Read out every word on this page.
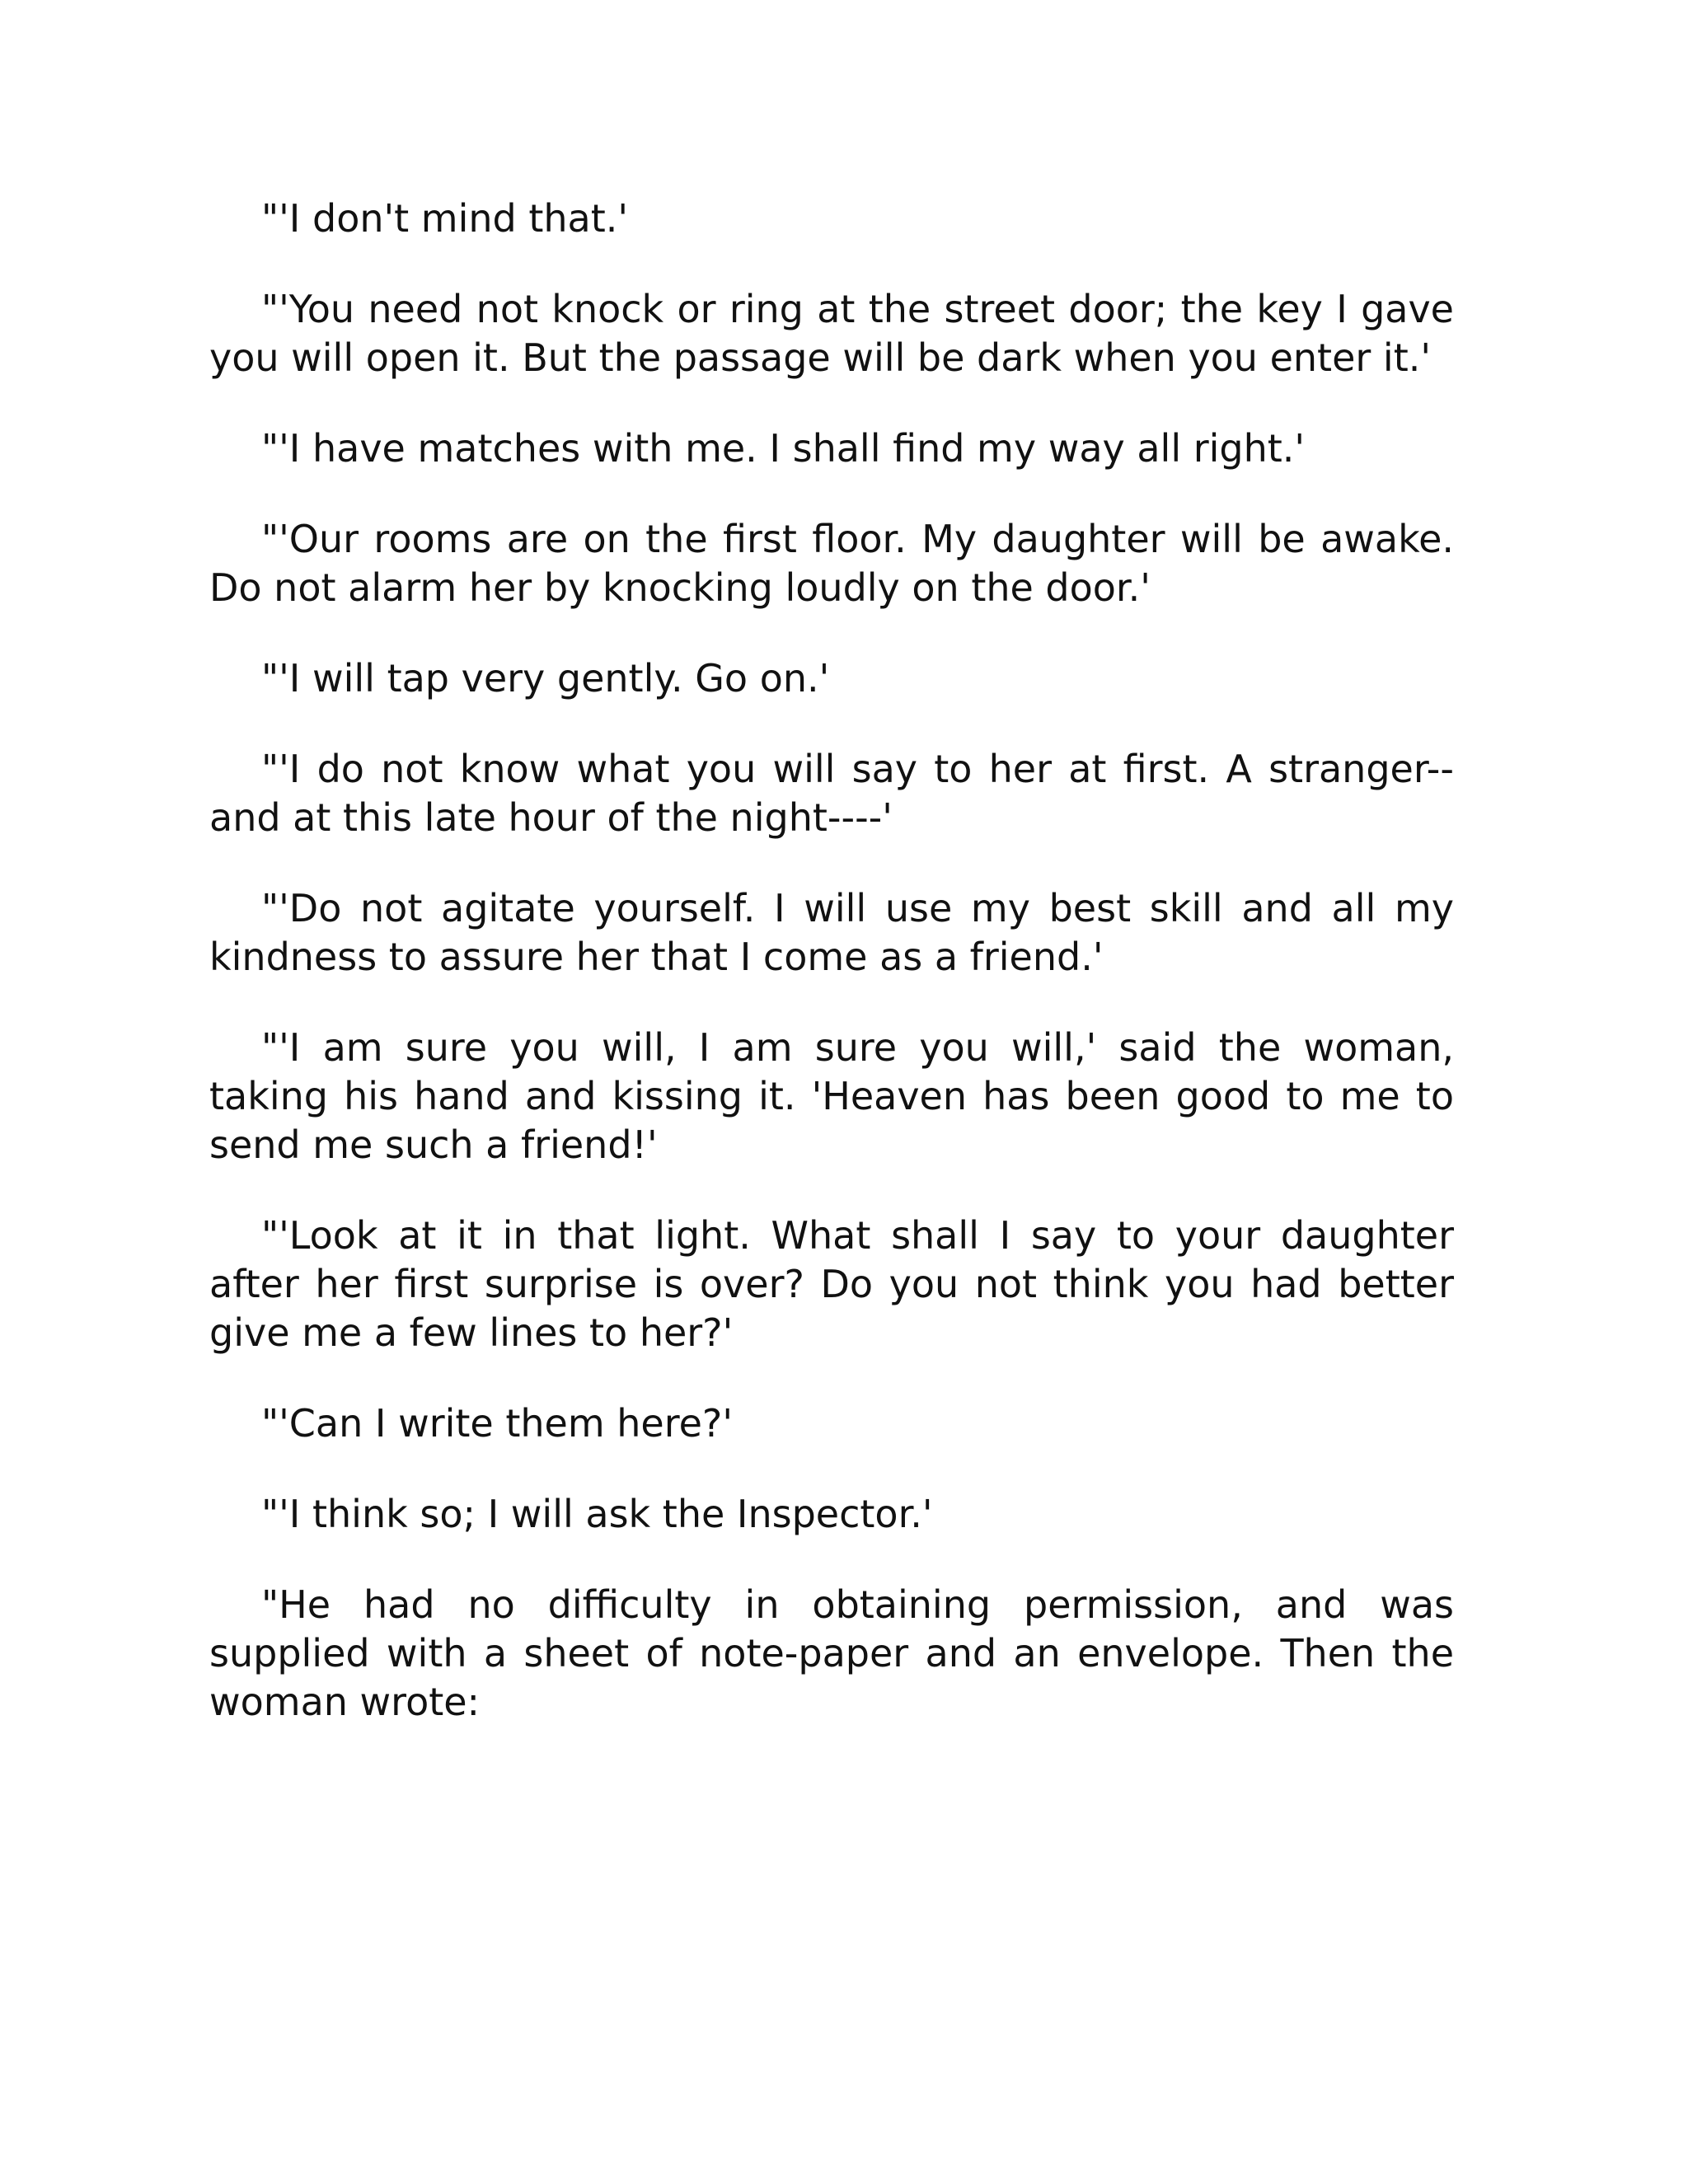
"'I don't mind that.'

"'You need not knock or ring at the street door; the key I gave you will open it. But the passage will be dark when you enter it.'

"'I have matches with me. I shall find my way all right.'

"'Our rooms are on the first floor. My daughter will be awake. Do not alarm her by knocking loudly on the door.'

"'I will tap very gently. Go on.'

"'I do not know what you will say to her at first. A stranger--and at this late hour of the night----'

"'Do not agitate yourself. I will use my best skill and all my kindness to assure her that I come as a friend.'

"'I am sure you will, I am sure you will,' said the woman, taking his hand and kissing it. 'Heaven has been good to me to send me such a friend!'

"'Look at it in that light. What shall I say to your daughter after her first surprise is over? Do you not think you had better give me a few lines to her?'

"'Can I write them here?'

"'I think so; I will ask the Inspector.'

"He had no difficulty in obtaining permission, and was supplied with a sheet of note-paper and an envelope. Then the woman wrote:
